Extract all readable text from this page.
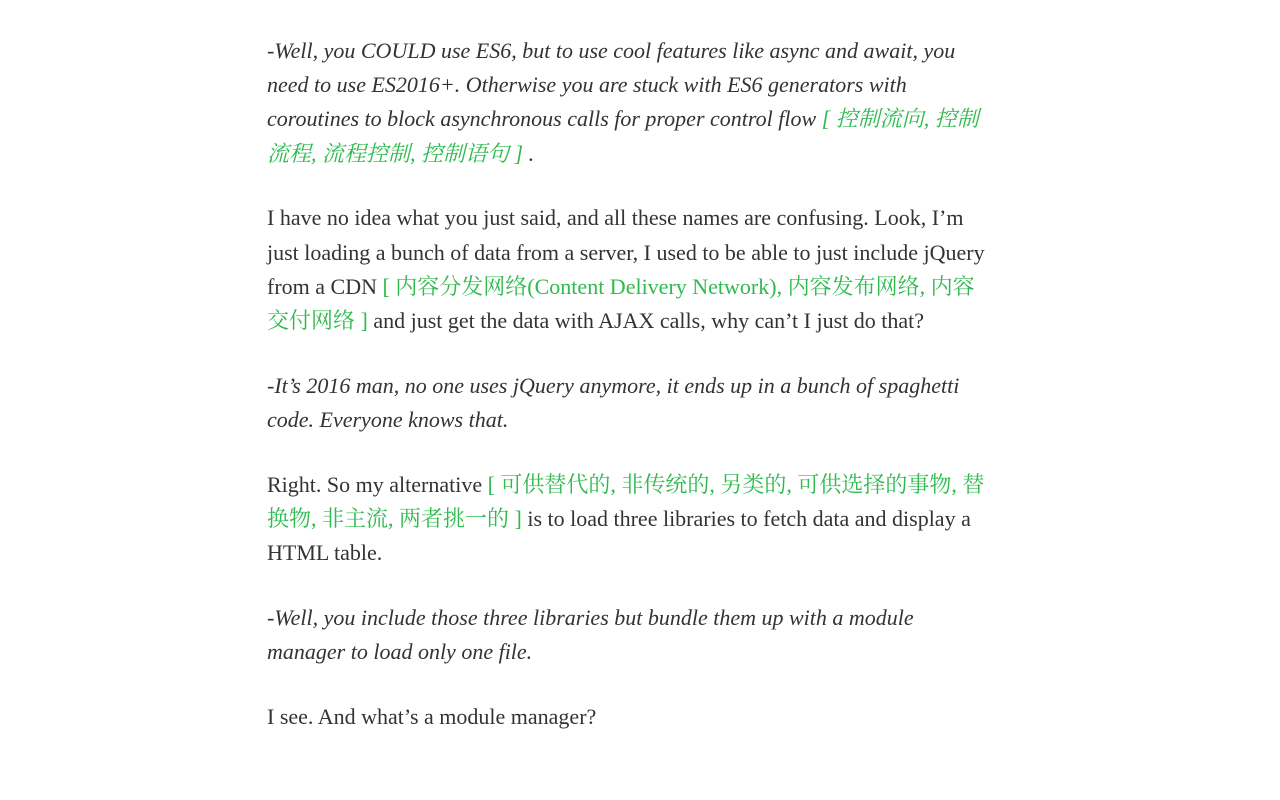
-Well, you COULD use ES6, but to use cool features like async and await, you need to use ES2016+. Otherwise you are stuck with ES6 generators with coroutines to block asynchronous calls for proper control flow [ 控制流向, 控制流程, 流程控制, 控制语句 ] .

I have no idea what you just said, and all these names are confusing. Look, I’m just loading a bunch of data from a server, I used to be able to just include jQuery from a CDN [ 内容分发网络(Content Delivery Network), 内容发布网络, 内容交付网络 ] and just get the data with AJAX calls, why can’t I just do that?

-It’s 2016 man, no one uses jQuery anymore, it ends up in a bunch of spaghetti code. Everyone knows that.

Right. So my alternative [ 可供替代的, 非传统的, 另类的, 可供选择的事物, 替换物, 非主流, 两者挑一的 ] is to load three libraries to fetch data and display a HTML table.

-Well, you include those three libraries but bundle them up with a module manager to load only one file.

I see. And what’s a module manager?
